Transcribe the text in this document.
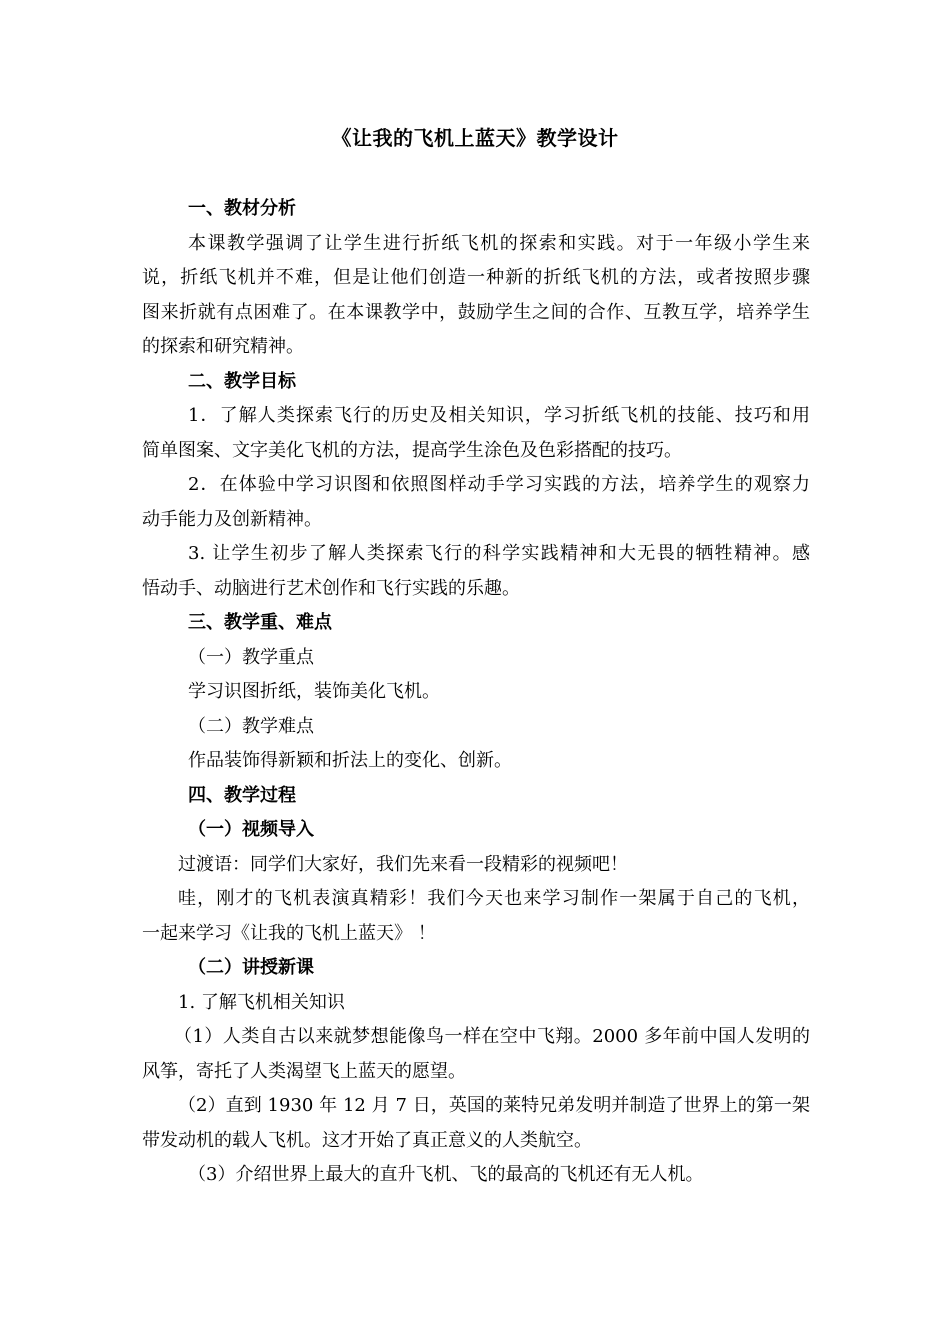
《让我的飞机上蓝天》教学设计
一、教材分析
本课教学强调了让学生进行折纸飞机的探索和实践。对于一年级小学生来
说，折纸飞机并不难，但是让他们创造一种新的折纸飞机的方法，或者按照步骤
图来折就有点困难了。在本课教学中，鼓励学生之间的合作、互教互学，培养学生
的探索和研究精神。
二、教学目标
1．了解人类探索飞行的历史及相关知识，学习折纸飞机的技能、技巧和用
简单图案、文字美化飞机的方法，提高学生涂色及色彩搭配的技巧。
2．在体验中学习识图和依照图样动手学习实践的方法，培养学生的观察力
动手能力及创新精神。
3. 让学生初步了解人类探索飞行的科学实践精神和大无畏的牺牲精神。感
悟动手、动脑进行艺术创作和飞行实践的乐趣。
三、教学重、难点
（一）教学重点
学习识图折纸，装饰美化飞机。
（二）教学难点
作品装饰得新颖和折法上的变化、创新。
四、教学过程
（一）视频导入
过渡语：同学们大家好，我们先来看一段精彩的视频吧！
哇，刚才的飞机表演真精彩！我们今天也来学习制作一架属于自己的飞机，
一起来学习《让我的飞机上蓝天》 ！
（二）讲授新课
1. 了解飞机相关知识
（1）人类自古以来就梦想能像鸟一样在空中飞翔。2000 多年前中国人发明的
风筝，寄托了人类渴望飞上蓝天的愿望。
（2）直到 1930 年 12 月 7 日，英国的莱特兄弟发明并制造了世界上的第一架
带发动机的载人飞机。这才开始了真正意义的人类航空。
（3）介绍世界上最大的直升飞机、飞的最高的飞机还有无人机。
